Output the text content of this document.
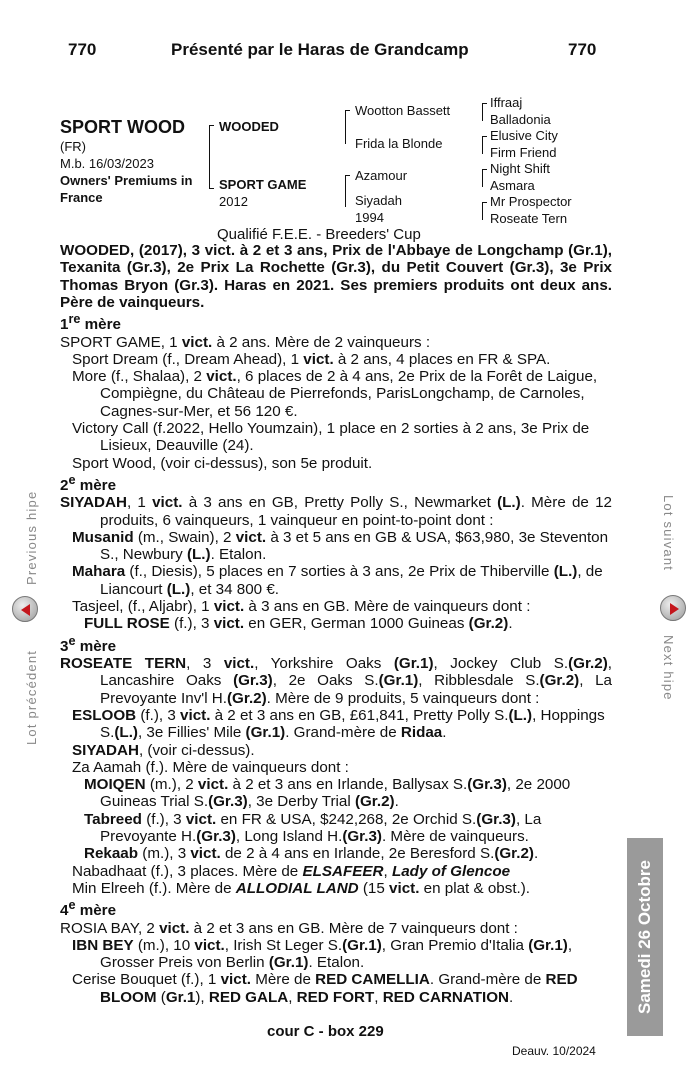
770	Présenté par le Haras de Grandcamp	770
SPORT WOOD
(FR)
M.b. 16/03/2023
Owners' Premiums in
France
WOODED
SPORT GAME
2012
Wootton Bassett
Frida la Blonde
Azamour
Siyadah
1994
Iffraaj
Balladonia
Elusive City
Firm Friend
Night Shift
Asmara
Mr Prospector
Roseate Tern
Qualifié F.E.E. - Breeders' Cup

WOODED, (2017), 3 vict. à 2 et 3 ans, Prix de l'Abbaye de Longchamp (Gr.1), Texanita (Gr.3), 2e Prix La Rochette (Gr.3), du Petit Couvert (Gr.3), 3e Prix Thomas Bryon (Gr.3). Haras en 2021. Ses premiers produits ont deux ans. Père de vainqueurs.

1re mère

SPORT GAME, 1 vict. à 2 ans. Mère de 2 vainqueurs :

Sport Dream (f., Dream Ahead), 1 vict. à 2 ans, 4 places en FR & SPA.

More (f., Shalaa), 2 vict., 6 places de 2 à 4 ans, 2e Prix de la Forêt de Laigue, Compiègne, du Château de Pierrefonds, ParisLongchamp, de Carnoles, Cagnes-sur-Mer, et 56 120 €.

Victory Call (f.2022, Hello Youmzain), 1 place en 2 sorties à 2 ans, 3e Prix de Lisieux, Deauville (24).

Sport Wood, (voir ci-dessus), son 5e produit.

2e mère

SIYADAH, 1 vict. à 3 ans en GB, Pretty Polly S., Newmarket (L.). Mère de 12 produits, 6 vainqueurs, 1 vainqueur en point-to-point dont :

Musanid (m., Swain), 2 vict. à 3 et 5 ans en GB & USA, $63,980, 3e Steventon S., Newbury (L.). Etalon.

Mahara (f., Diesis), 5 places en 7 sorties à 3 ans, 2e Prix de Thiberville (L.), de Liancourt (L.), et 34 800 €.

Tasjeel, (f., Aljabr), 1 vict. à 3 ans en GB. Mère de vainqueurs dont :

FULL ROSE (f.), 3 vict. en GER, German 1000 Guineas (Gr.2).

3e mère

ROSEATE TERN, 3 vict., Yorkshire Oaks (Gr.1), Jockey Club S.(Gr.2), Lancashire Oaks (Gr.3), 2e Oaks S.(Gr.1), Ribblesdale S.(Gr.2), La Prevoyante Inv'l H.(Gr.2). Mère de 9 produits, 5 vainqueurs dont :

ESLOOB (f.), 3 vict. à 2 et 3 ans en GB, £61,841, Pretty Polly S.(L.), Hoppings S.(L.), 3e Fillies' Mile (Gr.1). Grand-mère de Ridaa.

SIYADAH, (voir ci-dessus).

Za Aamah (f.). Mère de vainqueurs dont :

MOIQEN (m.), 2 vict. à 2 et 3 ans en Irlande, Ballysax S.(Gr.3), 2e 2000 Guineas Trial S.(Gr.3), 3e Derby Trial (Gr.2).

Tabreed (f.), 3 vict. en FR & USA, $242,268, 2e Orchid S.(Gr.3), La Prevoyante H.(Gr.3), Long Island H.(Gr.3). Mère de vainqueurs.

Rekaab (m.), 3 vict. de 2 à 4 ans en Irlande, 2e Beresford S.(Gr.2).

Nabadhaat (f.), 3 places. Mère de ELSAFEER, Lady of Glencoe

Min Elreeh (f.). Mère de ALLODIAL LAND (15 vict. en plat & obst.).

4e mère

ROSIA BAY, 2 vict. à 2 et 3 ans en GB. Mère de 7 vainqueurs dont :

IBN BEY (m.), 10 vict., Irish St Leger S.(Gr.1), Gran Premio d'Italia (Gr.1), Grosser Preis von Berlin (Gr.1). Etalon.

Cerise Bouquet (f.), 1 vict. Mère de RED CAMELLIA. Grand-mère de RED BLOOM (Gr.1), RED GALA, RED FORT, RED CARNATION.

Previous hipe
Lot précédent
Lot suivant
Next hipe
Samedi 26 Octobre
cour C - box 229
Deauv. 10/2024
